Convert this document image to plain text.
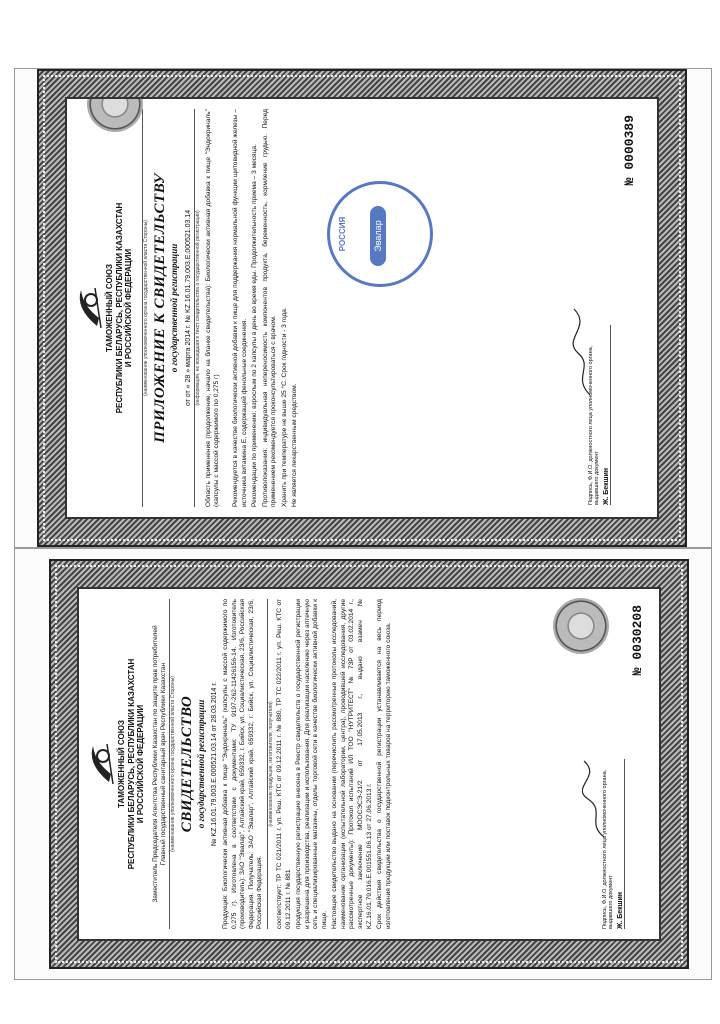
ТАМОЖЕННЫЙ СОЮЗ РЕСПУБЛИКИ БЕЛАРУСЬ, РЕСПУБЛИКИ КАЗАХСТАН И РОССИЙСКОЙ ФЕДЕРАЦИИ (наименование уполномоченного органа государственной власти Стороны) ПРИЛОЖЕНИЕ К СВИДЕТЕЛЬСТВУ о государственной регистрации от от « 28 » марта 2014 г. № KZ.16.01.79.003.E.000521.03.14 (информация, не вошедшая в текст свидетельства о государственной регистрации) Область применения (продолжение, начало на бланке свидетельства): Биологически активная добавка к пище "Эндокриналь" (капсулы с массой содержимого по 0,275 г) Рекомендуется в качестве биологически активной добавки к пище для поддержания нормальной функции щитовидной железы – источника витамина Е, содержащей фенольные соединения. Рекомендации по применению: взрослым по 2 капсулы в день во время еды. Продолжительность приема – 3 месяца. Противопоказания: индивидуальная непереносимость компонентов продукта, беременность, кормление грудью. Перед применением рекомендуется проконсультироваться с врачом. Хранить при температуре не выше 25 °С. Срок годности - 3 года. Не является лекарственным средством.
РОССИЯ	Эвалар
Подпись, Ф.И.О. должностного лица уполномоченного органа, выдавшего документ Ж. Бекшин
№ 0000389
ТАМОЖЕННЫЙ СОЮЗ РЕСПУБЛИКИ БЕЛАРУСЬ, РЕСПУБЛИКИ КАЗАХСТАН И РОССИЙСКОЙ ФЕДЕРАЦИИ Заместитель Председателя Агентства Республики Казахстан по защите прав потребителей Главный государственный санитарный врач Республики Казахстан (наименование уполномоченного органа государственной власти Стороны) СВИДЕТЕЛЬСТВО о государственной регистрации № KZ.16.01.79.003.E.000521.03.14 от 28.03.2014 г. Продукция: Биологически активная добавка к пище "Эндокриналь" (капсулы с массой содержимого по 0,275 г). Изготовлена в соответствии с документами: ТУ 9197-262-11426156-14. Изготовитель (производитель): ЗАО "Эвалар", Алтайский край, 659332, г. Бийск, ул. Социалистическая, 23/6, Российская Федерация. Получатель: ЗАО "Эвалар", Алтайский край, 659332, г. Бийск, ул. Социалистическая, 23/6, Российская Федерация.
(наименование продукции, изготовителя, получателя) соответствует: ТР ТС 021/2011 г. уп. Реш. КТС от 09.12.2011 г. № 880, ТР ТС 022/2011 г. уп. Реш. КТС от 09.12.2011 г. № 881 продукция государственную регистрацию внесена в Реестр свидетельств о государственной регистрации и разрешена для производства, реализации и использования. Для реализации населению через аптечную сеть и специализированные магазины, отделы торговой сети в качестве биологически активной добавки к пище. Настоящее свидетельство выдано на основании (перечислить рассмотренные протоколы исследований, наименование организации (испытательной лаборатории, центра), проводившей исследования, другие рассмотренные документы): Протокол испытаний ИЛ ТОО "НУТРИТЕСТ" № 73Р от 03.02.2014 г., экспертное заключение МООСЭСЭ-21/2 от 17.05.2013 г., выдано взамен № KZ.16.01.79.016.E.001551.06.13 от 27.06.2013 г. Срок действия свидетельства о государственной регистрации устанавливается на весь период изготовления продукции или поставок подконтрольных товаров на территорию таможенного союза.	Подпись, Ф.И.О. должностного лица уполномоченного органа, выдавшего документ Ж. Бекшин
№ 0030208
